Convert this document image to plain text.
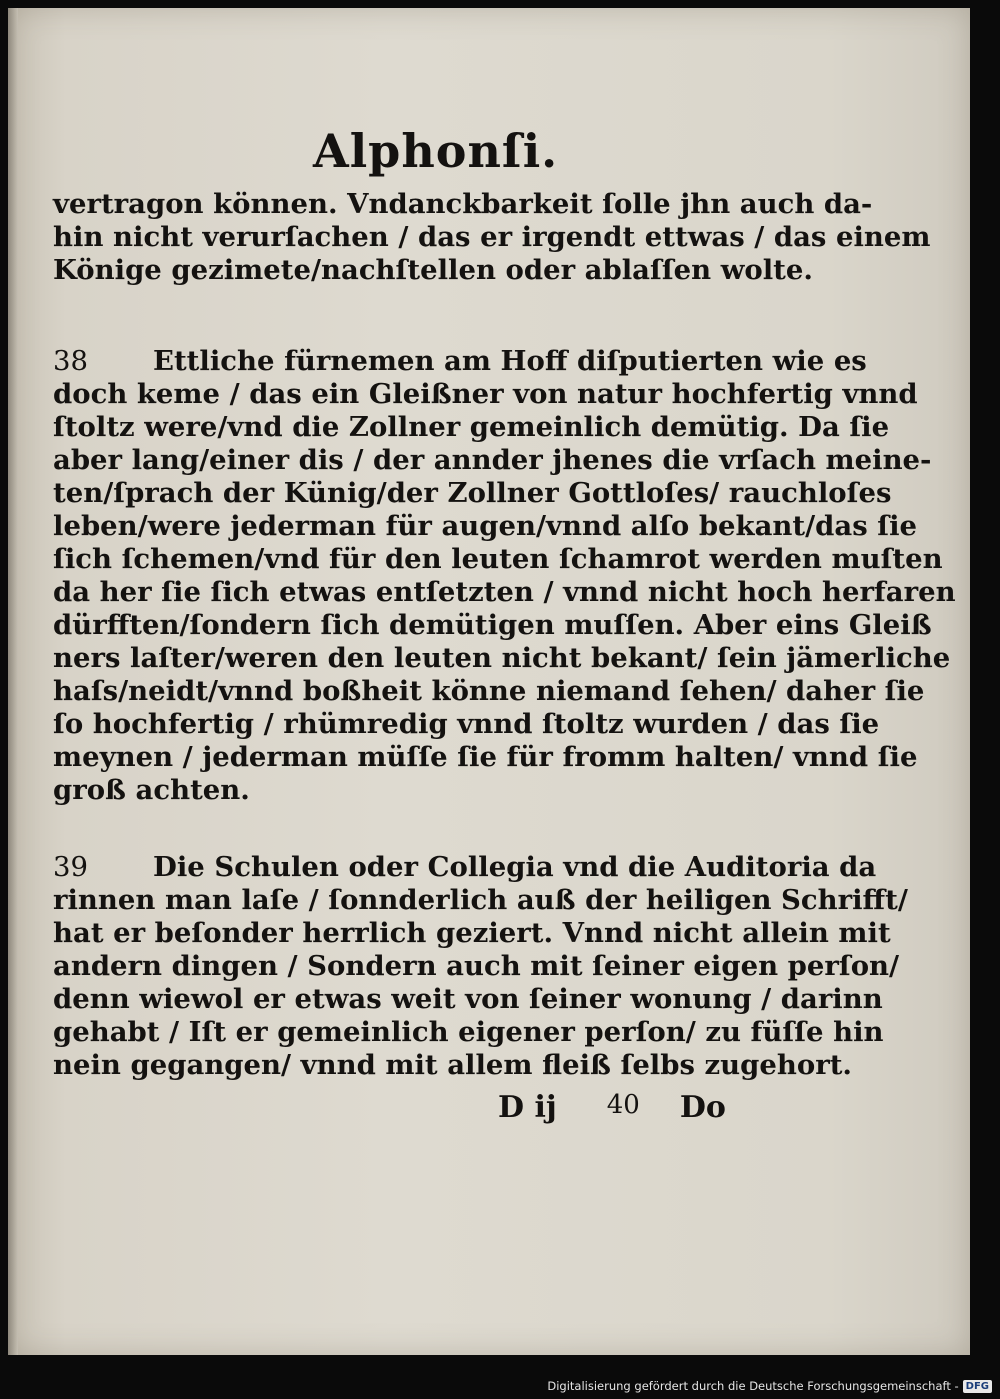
Alphonſi.
vertragon können. Vndanckbarkeit ſolle jhn auch da-
hin nicht verurſachen / das er irgendt ettwas / das einem
Könige gezimete/nachſtellen oder ablaſſen wolte.
38	Ettliche fürnemen am Hoff diſputierten wie es
doch keme / das ein Gleißner von natur hochfertig vnnd
ſtoltz were/vnd die Zollner gemeinlich demütig. Da ſie
aber lang/einer dis / der annder jhenes die vrſach meine-
ten/ſprach der Künig/der Zollner Gottloſes/ rauchloſes
leben/were jederman für augen/vnnd alſo bekant/das ſie
ſich ſchemen/vnd für den leuten ſchamrot werden muſten
da her ſie ſich etwas entſetzten / vnnd nicht hoch herfaren
dürfften/ſondern ſich demütigen muſſen. Aber eins Gleiß
ners laſter/weren den leuten nicht bekant/ ſein jämerliche
haſs/neidt/vnnd boßheit könne niemand ſehen/ daher ſie
ſo hochfertig / rhümredig vnnd ſtoltz wurden / das ſie
meynen / jederman müſſe ſie für fromm halten/ vnnd ſie
groß achten.
39	Die Schulen oder Collegia vnd die Auditoria da
rinnen man laſe / ſonnderlich auß der heiligen Schrifft/
hat er beſonder herrlich geziert. Vnnd nicht allein mit
andern dingen / Sondern auch mit ſeiner eigen perſon/
denn wiewol er etwas weit von ſeiner wonung / darinn
gehabt / Iſt er gemeinlich eigener perſon/ zu füſſe hin
nein gegangen/ vnnd mit allem fleiß ſelbs zugehort.
D ij 40 Do
Digitalisierung gefördert durch die Deutsche Forschungsgemeinschaft - DFG
